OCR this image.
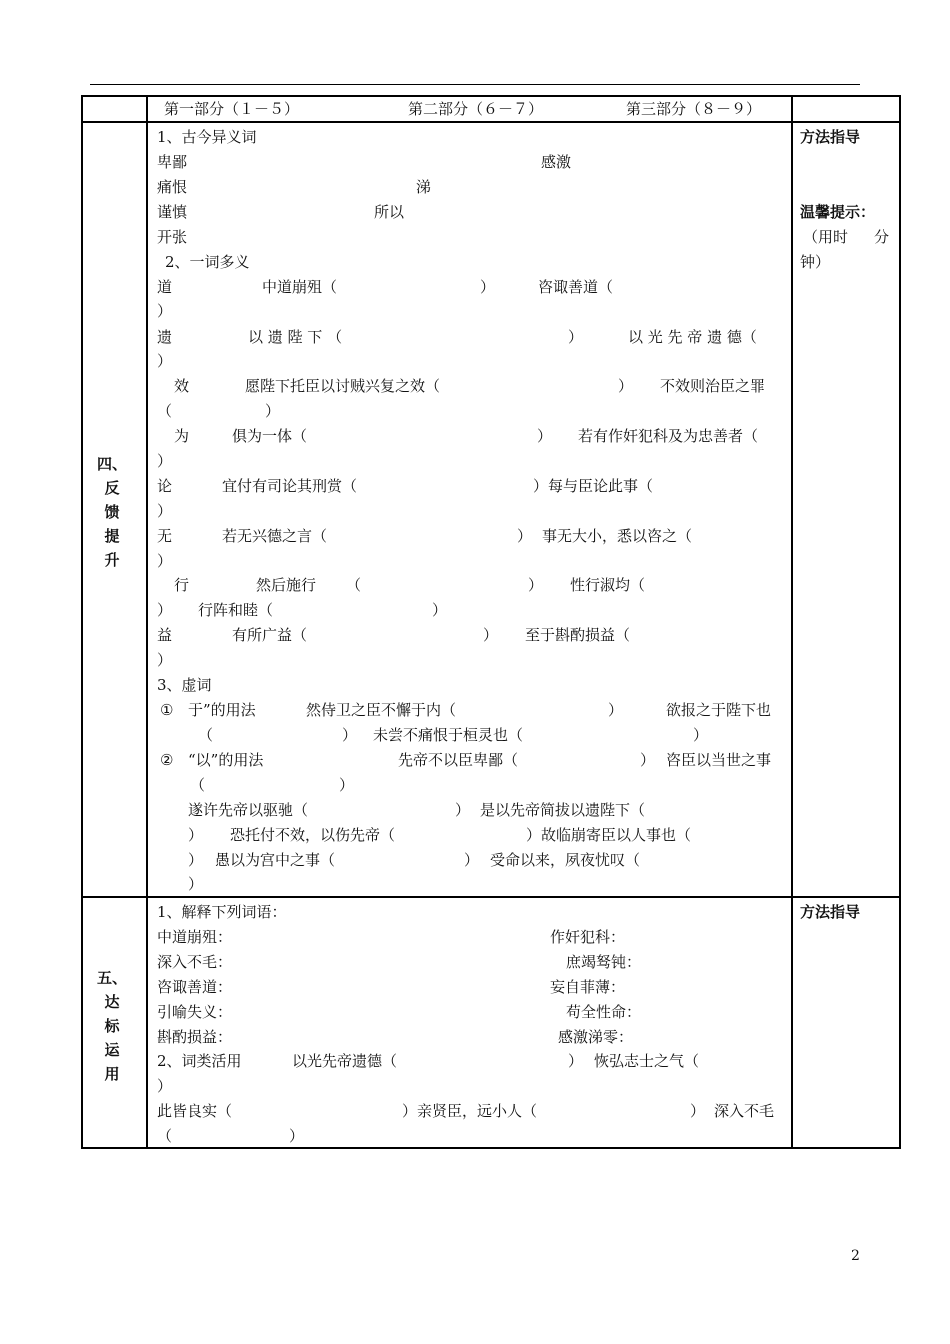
第一部分（１－５）	第二部分（６－７）	第三部分（８－９）
四、
反
馈
提
升
1、古今异义词
卑鄙	感激
痛恨	涕
谨慎	所以
开张
2、一词多义
道	中道崩殂（	）	咨诹善道（
）
遗	以 遗 陛 下 （	）	以 光 先 帝 遗 德（
）
效	愿陛下托臣以讨贼兴复之效（	） 不效则治臣之罪
（	）
为	俱为一体（	） 若有作奸犯科及为忠善者（
）
论	宜付有司论其刑赏（	）每与臣论此事（
）
无	若无兴德之言（	） 事无大小，悉以咨之（
）
行	然后施行 （	） 性行淑均（
） 行阵和睦（	）
益	有所广益（	） 至于斟酌损益（
）
3、虚词
① 于”的用法	然侍卫之臣不懈于内（	）	欲报之于陛下也
（	） 未尝不痛恨于桓灵也（	）
② “以”的用法	先帝不以臣卑鄙（	） 咨臣以当世之事
（	）
遂许先帝以驱驰（	） 是以先帝简拔以遗陛下（
） 恐托付不效，以伤先帝（	）故临崩寄臣以人事也（
） 愚以为宫中之事（	） 受命以来，夙夜忧叹（
）
方法指导
温馨提示：
（用时 分
钟）
五、
达
标
运
用
1、解释下列词语：
中道崩殂：	作奸犯科：
深入不毛：	庶竭驽钝：
咨诹善道：	妄自菲薄：
引喻失义：	苟全性命：
斟酌损益：	感激涕零：
2、词类活用	以光先帝遗德（	） 恢弘志士之气（
）
此皆良实（	）亲贤臣，远小人（	） 深入不毛
（	）
方法指导
2
